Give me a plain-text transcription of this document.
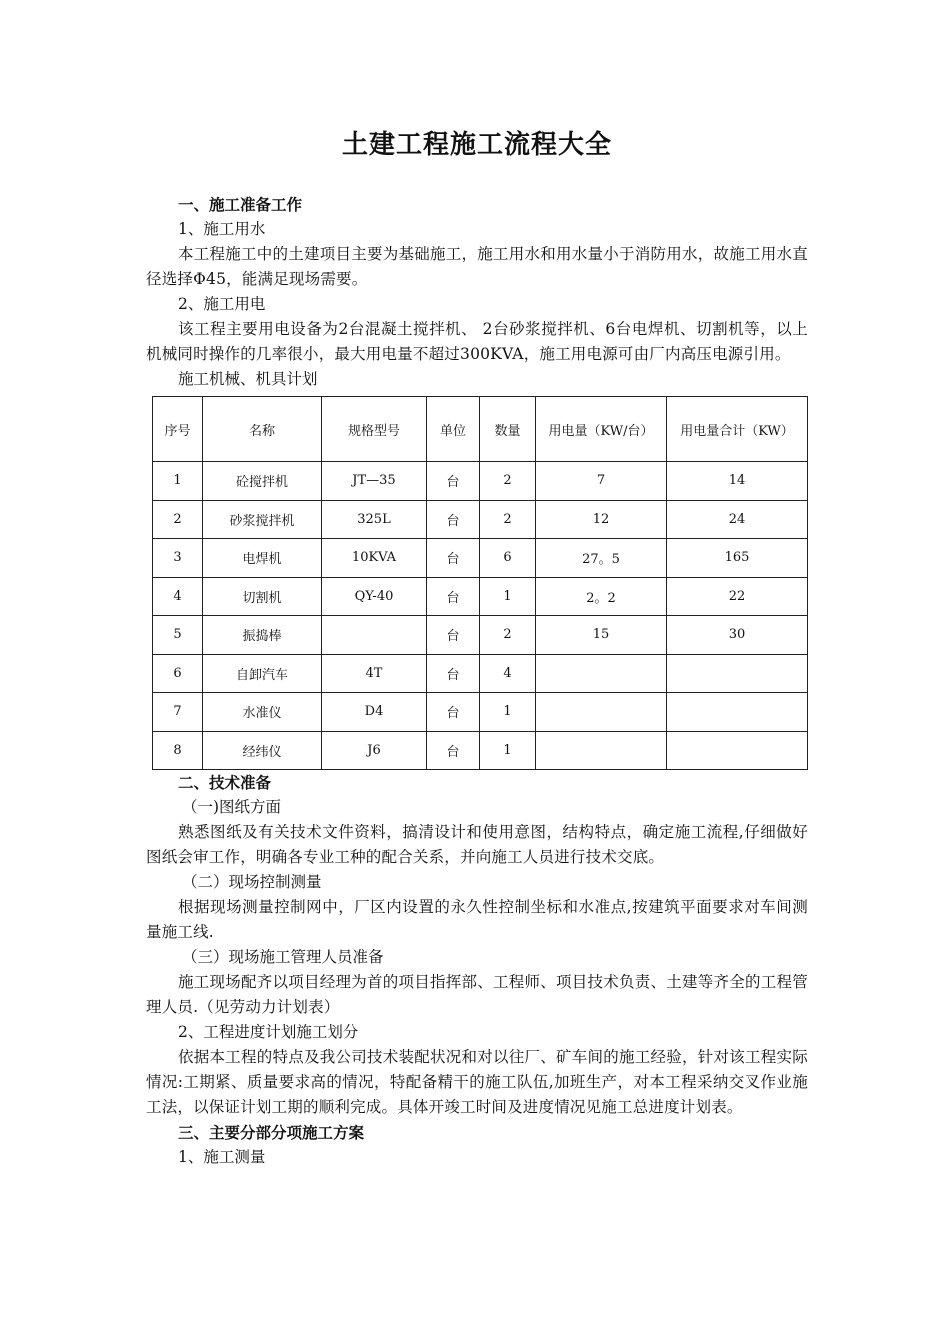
土建工程施工流程大全

一、施工准备工作

1、施工用水

本工程施工中的土建项目主要为基础施工，施工用水和用水量小于消防用水，故施工用水直径选择Φ45，能满足现场需要。

2、施工用电

该工程主要用电设备为2台混凝土搅拌机、 2台砂浆搅拌机、6台电焊机、切割机等，以上机械同时操作的几率很小，最大用电量不超过300KVA，施工用电源可由厂内高压电源引用。

施工机械、机具计划

序号	名称	规格型号	单位	数量	用电量（KW/台）	用电量合计（KW）
1	砼搅拌机	JT—35	台	2	7	14
2	砂浆搅拌机	325L	台	2	12	24
3	电焊机	10KVA	台	6	27。5	165
4	切割机	QY-40	台	1	2。2	22
5	振捣棒		台	2	15	30
6	自卸汽车	4T	台	4		
7	水准仪	D4	台	1		
8	经纬仪	J6	台	1		

二、技术准备

（一)图纸方面

熟悉图纸及有关技术文件资料，搞清设计和使用意图，结构特点，确定施工流程,仔细做好图纸会审工作，明确各专业工种的配合关系，并向施工人员进行技术交底。

（二）现场控制测量

根据现场测量控制网中，厂区内设置的永久性控制坐标和水准点,按建筑平面要求对车间测量施工线.

（三）现场施工管理人员准备

施工现场配齐以项目经理为首的项目指挥部、工程师、项目技术负责、土建等齐全的工程管理人员.（见劳动力计划表）

2、工程进度计划施工划分

依据本工程的特点及我公司技术装配状况和对以往厂、矿车间的施工经验，针对该工程实际情况:工期紧、质量要求高的情况，特配备精干的施工队伍,加班生产，对本工程采纳交叉作业施工法，以保证计划工期的顺利完成。具体开竣工时间及进度情况见施工总进度计划表。

三、主要分部分项施工方案

1、施工测量
